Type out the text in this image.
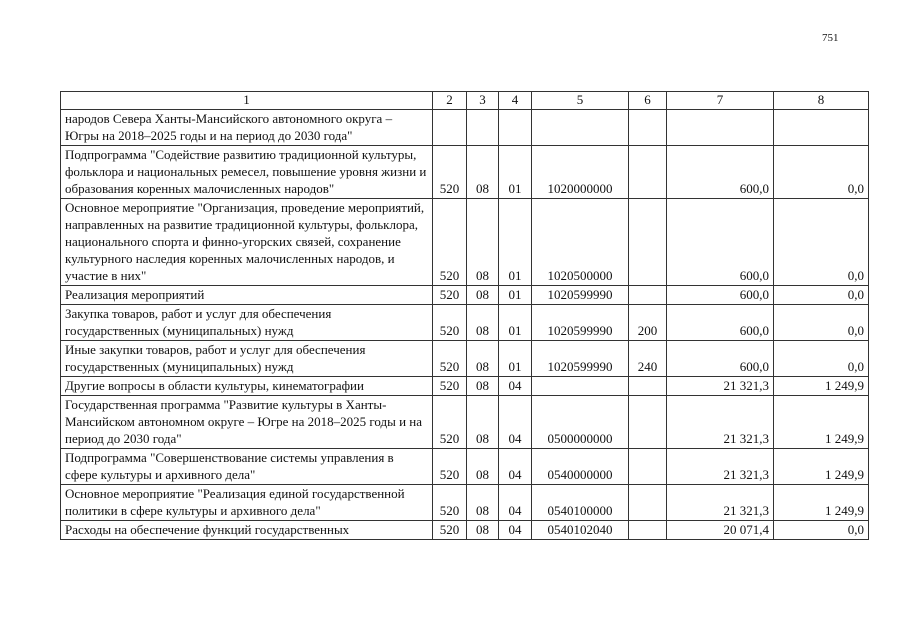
751
1	2	3	4	5	6	7	8
народов Севера Ханты-Мансийского автономного округа – Югры на 2018–2025 годы и на период до 2030 года"							
Подпрограмма "Содействие развитию традиционной культуры, фольклора и национальных ремесел, повышение уровня жизни и образования коренных малочисленных народов"	520	08	01	1020000000		600,0	0,0
Основное мероприятие "Организация, проведение мероприятий, направленных на развитие традиционной культуры, фольклора, национального спорта и финно-угорских связей, сохранение культурного наследия коренных малочисленных народов, и участие в них"	520	08	01	1020500000		600,0	0,0
Реализация мероприятий	520	08	01	1020599990		600,0	0,0
Закупка товаров, работ и услуг для обеспечения государственных (муниципальных) нужд	520	08	01	1020599990	200	600,0	0,0
Иные закупки товаров, работ и услуг для обеспечения государственных (муниципальных) нужд	520	08	01	1020599990	240	600,0	0,0
Другие вопросы в области культуры, кинематографии	520	08	04			21 321,3	1 249,9
Государственная программа "Развитие культуры в Ханты-Мансийском автономном округе – Югре на 2018–2025 годы и на период до 2030 года"	520	08	04	0500000000		21 321,3	1 249,9
Подпрограмма "Совершенствование системы управления в сфере культуры и архивного дела"	520	08	04	0540000000		21 321,3	1 249,9
Основное мероприятие "Реализация единой государственной политики в сфере культуры и архивного дела"	520	08	04	0540100000		21 321,3	1 249,9
Расходы на обеспечение функций государственных	520	08	04	0540102040		20 071,4	0,0
